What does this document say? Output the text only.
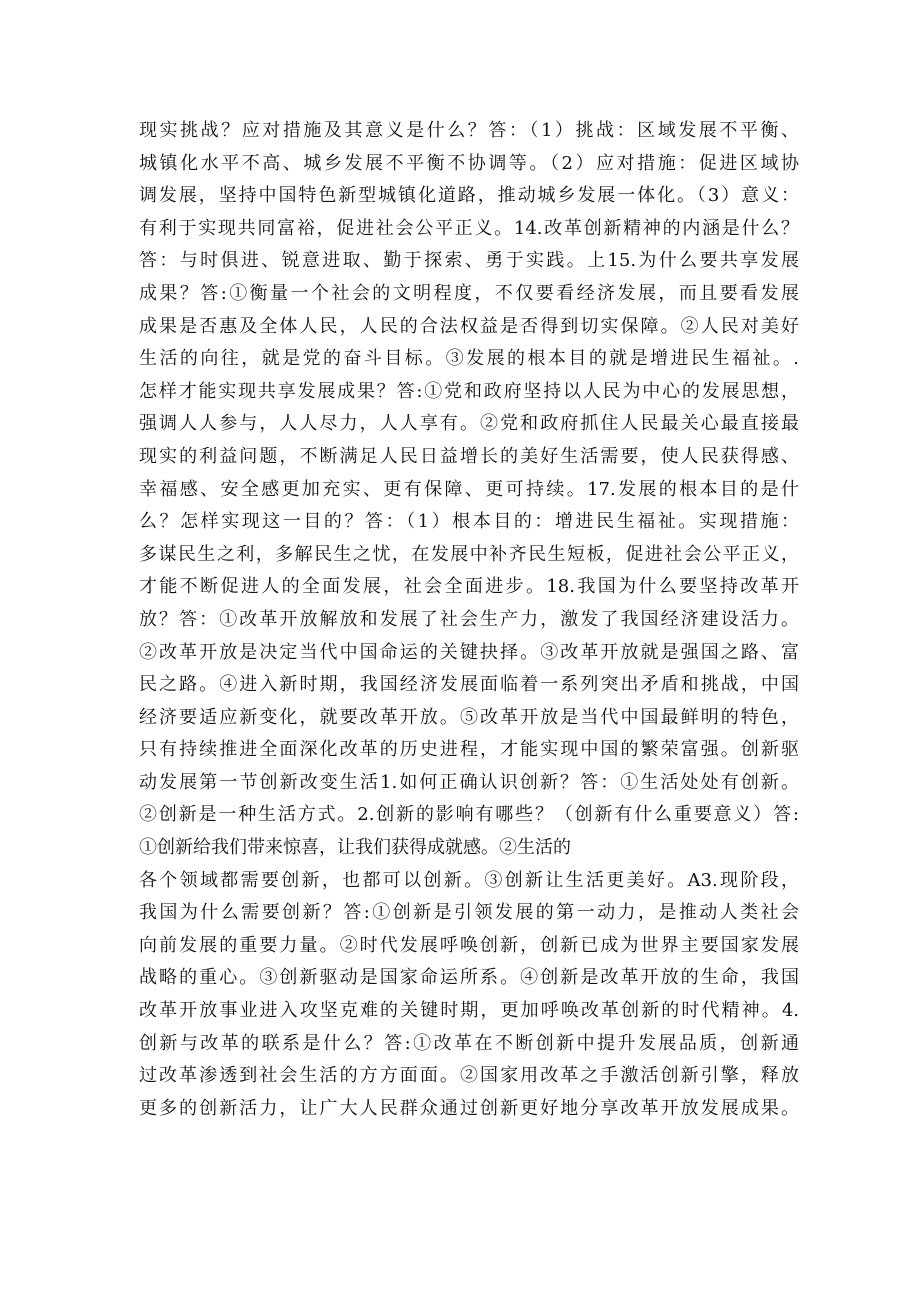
现实挑战？应对措施及其意义是什么？答：（1）挑战：区域发展不平衡、
城镇化水平不高、城乡发展不平衡不协调等。（2）应对措施：促进区域协
调发展，坚持中国特色新型城镇化道路，推动城乡发展一体化。（3）意义：
有利于实现共同富裕，促进社会公平正义。14.改革创新精神的内涵是什么？
答：与时俱进、锐意进取、勤于探索、勇于实践。上15.为什么要共享发展
成果？答:①衡量一个社会的文明程度，不仅要看经济发展，而且要看发展
成果是否惠及全体人民，人民的合法权益是否得到切实保障。②人民对美好
生活的向往，就是党的奋斗目标。③发展的根本目的就是增进民生福祉。.
怎样才能实现共享发展成果？答:①党和政府坚持以人民为中心的发展思想，
强调人人参与，人人尽力，人人享有。②党和政府抓住人民最关心最直接最
现实的利益问题，不断满足人民日益增长的美好生活需要，使人民获得感、
幸福感、安全感更加充实、更有保障、更可持续。17.发展的根本目的是什
么？怎样实现这一目的？答：（1）根本目的：增进民生福祉。实现措施：
多谋民生之利，多解民生之忧，在发展中补齐民生短板，促进社会公平正义，
才能不断促进人的全面发展，社会全面进步。18.我国为什么要坚持改革开
放？答：①改革开放解放和发展了社会生产力，激发了我国经济建设活力。
②改革开放是决定当代中国命运的关键抉择。③改革开放就是强国之路、富
民之路。④进入新时期，我国经济发展面临着一系列突出矛盾和挑战，中国
经济要适应新变化，就要改革开放。⑤改革开放是当代中国最鲜明的特色，
只有持续推进全面深化改革的历史进程，才能实现中国的繁荣富强。创新驱
动发展第一节创新改变生活1.如何正确认识创新？答：①生活处处有创新。
②创新是一种生活方式。2.创新的影响有哪些？（创新有什么重要意义）答:
①创新给我们带来惊喜，让我们获得成就感。②生活的
各个领域都需要创新，也都可以创新。③创新让生活更美好。A3.现阶段，
我国为什么需要创新？答:①创新是引领发展的第一动力，是推动人类社会
向前发展的重要力量。②时代发展呼唤创新，创新已成为世界主要国家发展
战略的重心。③创新驱动是国家命运所系。④创新是改革开放的生命，我国
改革开放事业进入攻坚克难的关键时期，更加呼唤改革创新的时代精神。4.
创新与改革的联系是什么？答:①改革在不断创新中提升发展品质，创新通
过改革渗透到社会生活的方方面面。②国家用改革之手激活创新引擎，释放
更多的创新活力，让广大人民群众通过创新更好地分享改革开放发展成果。
